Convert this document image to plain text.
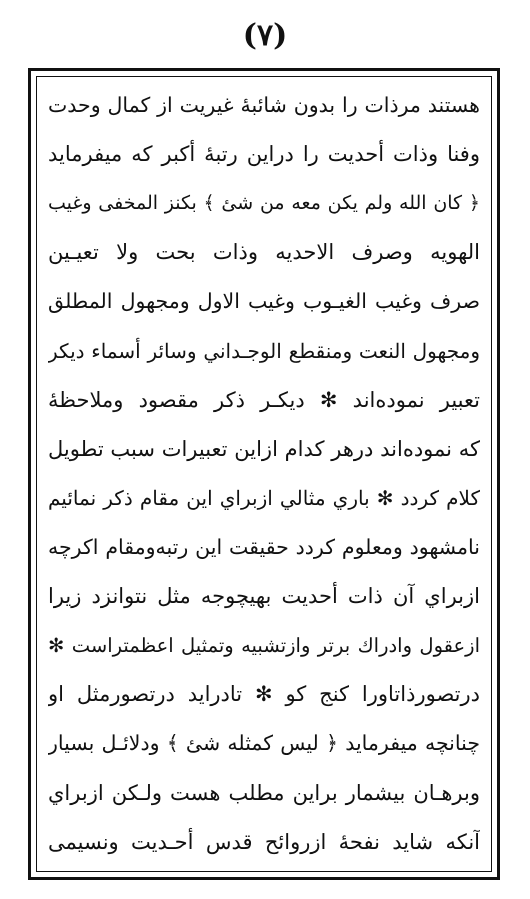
(٧)
هستند مرذات را بدون شائبهٔ غيريت از كمال وحدت
وفنا وذات أحديت را دراين رتبهٔ أكبر كه ميفرمايد
﴿ كان الله ولم يكن معه من شئ ﴾ بكنز المخفى وغيب
الهويه وصرف الاحديه وذات بحت ولا تعيـين
صرف وغيب الغيـوب وغيب الاول ومجهول المطلق
ومجهول النعت ومنقطع الوجـداني وسائر أسماء ديكر
تعبير نموده‌اند ✻ ديكـر ذكر مقصود وملاحظهٔ
كه نموده‌اند درهر كدام ازاين تعبيرات سبب تطويل
كلام كردد ✻ باري مثالي ازبراي اين مقام ذكر نمائيم
نامشهود ومعلوم كردد حقيقت اين رتبه‌ومقام اكرچه
ازبراي آن ذات أحديت بهيچوجه مثل نتوانزد زيرا
ازعقول وادراك برتر وازتشبيه وتمثيل اعظمتراست ✻
درتصورذاتاورا كنج كو ✻ تادرايد درتصورمثل او
چنانچه ميفرمايد ﴿ ليس كمثله شئ ﴾ ودلائـل بسيار
وبرهـان بيشمار براين مطلب هست ولـكن ازبراي
آنكه شايد نفحهٔ ازروائح قدس أحـديت ونسيمى
